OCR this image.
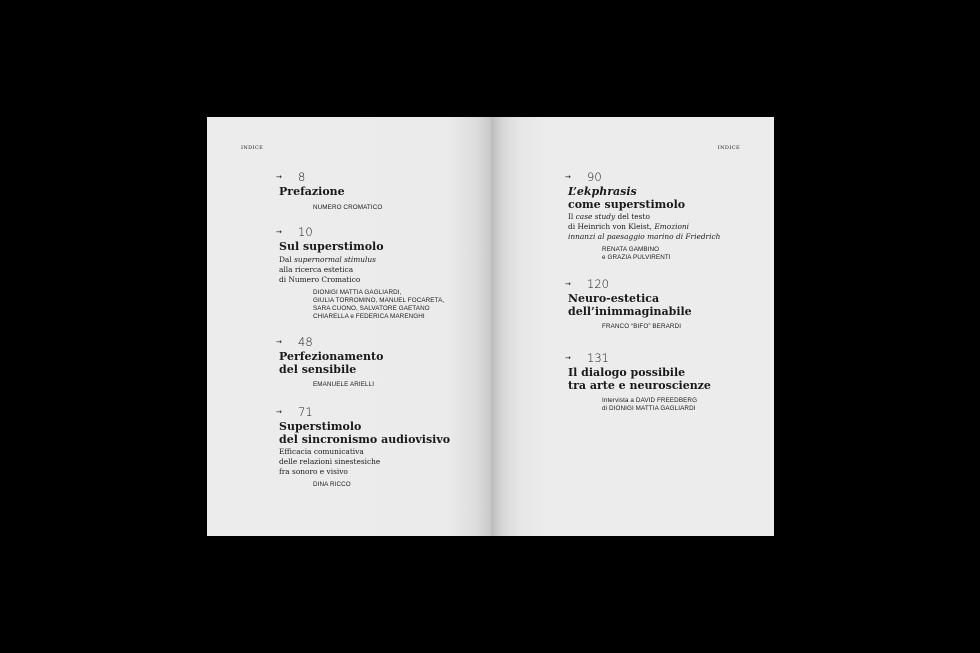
INDICE
→	8
Prefazione
NUMERO CROMATICO
→	10
Sul superstimolo
Dal supernormal stimulus
alla ricerca estetica
di Numero Cromatico
DIONIGI MATTIA GAGLIARDI,
GIULIA TORROMINO, MANUEL FOCARETA,
SARA CUONO, SALVATORE GAETANO
CHIARELLA e FEDERICA MARENGHI
→	48
Perfezionamento
del sensibile
EMANUELE ARIELLI
→	71
Superstimolo
del sincronismo audiovisivo
Efficacia comunicativa
delle relazioni sinestesiche
fra sonoro e visivo
DINA RICCO
INDICE
→	90
L’ekphrasis
come superstimolo
Il case study del testo
di Heinrich von Kleist, Emozioni
innanzi al paesaggio marino di Friedrich
RENATA GAMBINO
e GRAZIA PULVIRENTI
→	120
Neuro-estetica
dell’inimmaginabile
FRANCO “BIFO” BERARDI
→	131
Il dialogo possibile
tra arte e neuroscienze
Intervista a DAVID FREEDBERG
di DIONIGI MATTIA GAGLIARDI
